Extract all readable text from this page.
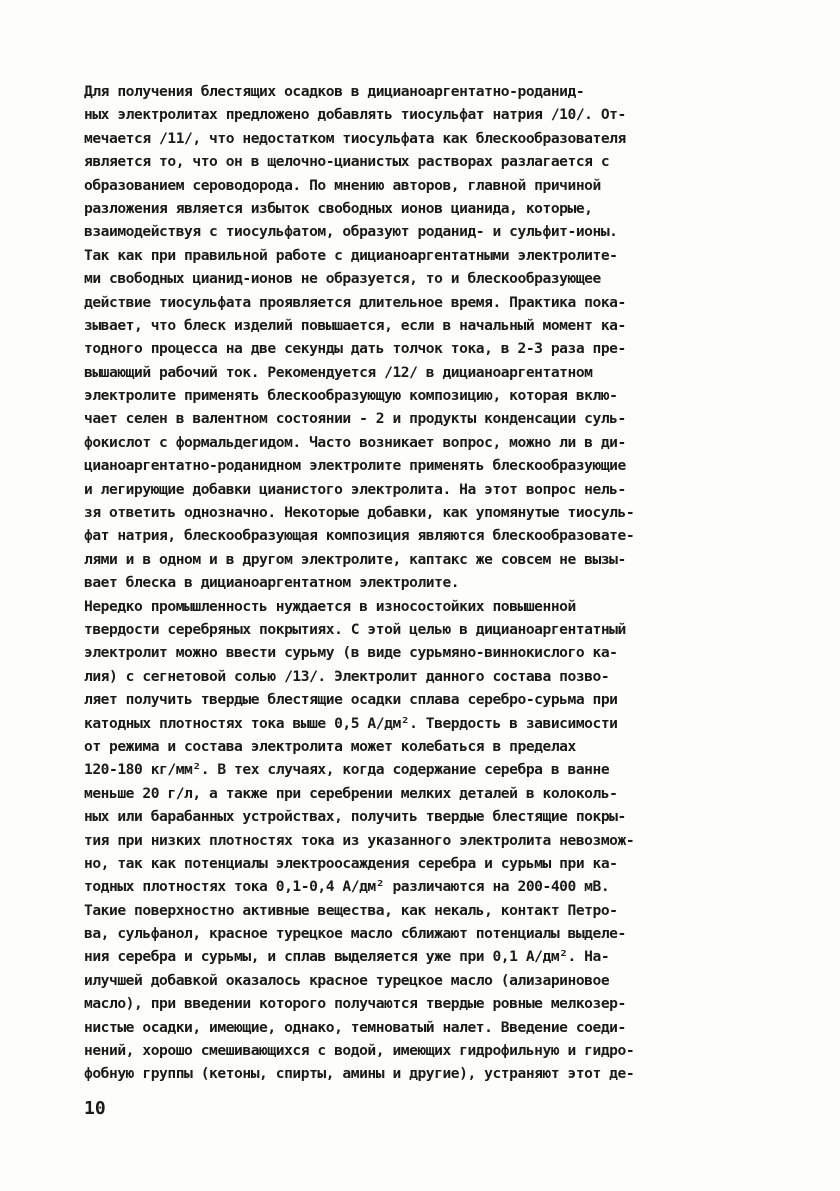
Для получения блестящих осадков в дицианоаргентатно-роданид-
ных электролитах предложено добавлять тиосульфат натрия /10/. От-
мечается /11/, что недостатком тиосульфата как блескообразователя
является то, что он в щелочно-цианистых растворах разлагается с
образованием сероводорода. По мнению авторов, главной причиной
разложения является избыток свободных ионов цианида, которые,
взаимодействуя с тиосульфатом, образуют роданид- и сульфит-ионы.
Так как при правильной работе с дицианоаргентатными электролите-
ми свободных цианид-ионов не образуется, то и блескообразующее
действие тиосульфата проявляется длительное время. Практика пока-
зывает, что блеск изделий повышается, если в начальный момент ка-
тодного процесса на две секунды дать толчок тока, в 2-3 раза пре-
вышающий рабочий ток. Рекомендуется /12/ в дицианоаргентатном
электролите применять блескообразующую композицию, которая вклю-
чает селен в валентном состоянии - 2 и продукты конденсации суль-
фокислот с формальдегидом. Часто возникает вопрос, можно ли в ди-
цианоаргентатно-роданидном электролите применять блескообразующие
и легирующие добавки цианистого электролита. На этот вопрос нель-
зя ответить однозначно. Некоторые добавки, как упомянутые тиосуль-
фат натрия, блескообразующая композиция являются блескообразовате-
лями и в одном и в другом электролите, каптакс же совсем не вызы-
вает блеска в дицианоаргентатном электролите.
Нередко промышленность нуждается в износостойких повышенной
твердости серебряных покрытиях. С этой целью в дицианоаргентатный
электролит можно ввести сурьму (в виде сурьмяно-виннокислого ка-
лия) с сегнетовой солью /13/. Электролит данного состава позво-
ляет получить твердые блестящие осадки сплава серебро-сурьма при
катодных плотностях тока выше 0,5 А/дм². Твердость в зависимости
от режима и состава электролита может колебаться в пределах
120-180 кг/мм². В тех случаях, когда содержание серебра в ванне
меньше 20 г/л, а также при серебрении мелких деталей в колоколь-
ных или барабанных устройствах, получить твердые блестящие покры-
тия при низких плотностях тока из указанного электролита невозмож-
но, так как потенциалы электроосаждения серебра и сурьмы при ка-
тодных плотностях тока 0,1-0,4 А/дм² различаются на 200-400 мВ.
Такие поверхностно активные вещества, как некаль, контакт Петро-
ва, сульфанол, красное турецкое масло сближают потенциалы выделе-
ния серебра и сурьмы, и сплав выделяется уже при 0,1 А/дм². На-
илучшей добавкой оказалось красное турецкое масло (ализариновое
масло), при введении которого получаются твердые ровные мелкозер-
нистые осадки, имеющие, однако, темноватый налет. Введение соеди-
нений, хорошо смешивающихся с водой, имеющих гидрофильную и гидро-
фобную группы (кетоны, спирты, амины и другие), устраняют этот де-
10
